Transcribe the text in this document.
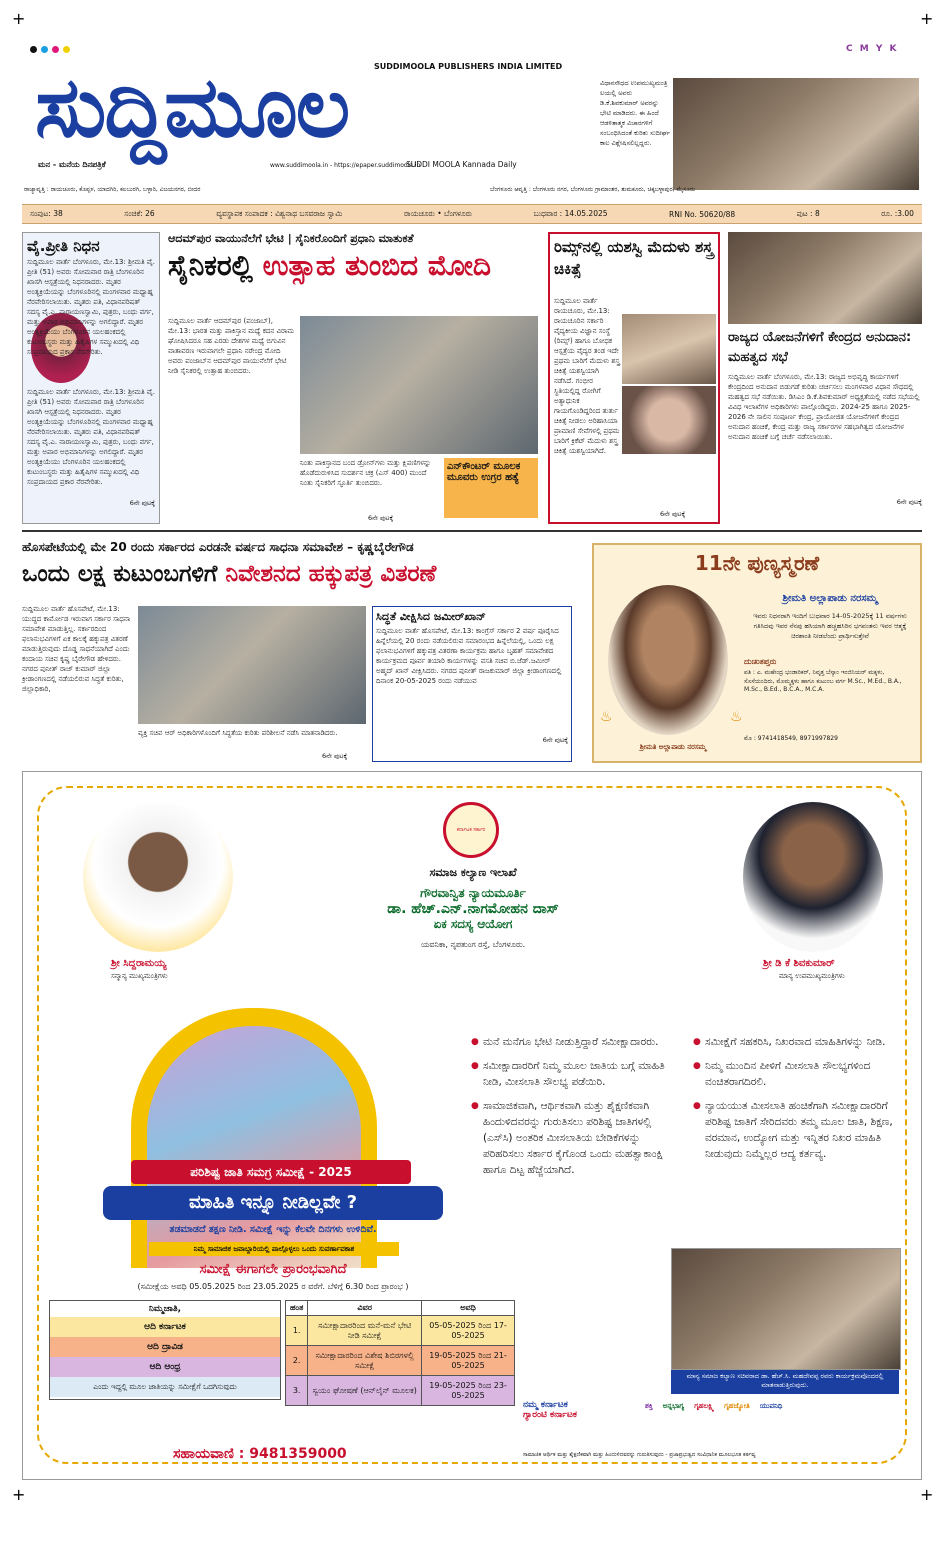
+	+
+	+
C M Y K
SUDDIMOOLA PUBLISHERS INDIA LIMITED
ಸುದ್ದಿಮೂಲ
ಮನ - ಮನೆಯ ದಿನಪತ್ರಿಕೆ	www.suddimoola.in - https://epaper.suddimoola.in
SUDDI MOOLA Kannada Daily
ವಿಧಾನಸೌಧದ ಉಪಮುಖ್ಯಮಂತ್ರಿ ಲಯಲ್ಲಿ ಅವರು ಡಿ.ಕೆ.ಶಿವಕುಮಾರ್ ಅವರನ್ನು ಭೇಟಿ ಮಾಡಿದರು. ಈ ಹಿಂದೆ ಆಡಳಿತಾತ್ಮಕ ವಿಚಾರಗಳಿಗೆ ಸಂಬಂಧಿಸಿದಂತೆ ಕುರಿತು ಸುದೀರ್ಘ ಕಾಲ ವಿಶ್ಲೇಷಿಸಲಿಲ್ಲದ್ದರು.
ರಾಜ್ಯಾವೃತ್ತಿ : ರಾಯಚೂರು, ಕೊಪ್ಪಳ, ಯಾದಗಿರಿ, ಕಲಬುರಗಿ, ಬಳ್ಳಾರಿ, ವಿಜಯನಗರ, ಬೀದರ	ಬೆಂಗಳೂರು ಆವೃತ್ತಿ : ಬೆಂಗಳೂರು ನಗರ, ಬೆಂಗಳೂರು ಗ್ರಾಮಾಂತರ, ತುಮಕೂರು, ಚಿಕ್ಕಬಳ್ಳಾಪುರ, ಮೈಸೂರು
ಸಂಪುಟ: 38	ಸಂಚಿಕೆ: 26	ವ್ಯವಸ್ಥಾಪಕ ಸಂಪಾದಕ : ವಿಶ್ವನಾಥ ಬಸವರಾಜ ಸ್ವಾಮಿ	ರಾಯಚೂರು • ಬೆಂಗಳೂರು	ಬುಧವಾರ : 14.05.2025	RNI No. 50620/88	ಪುಟ : 8	ರೂ. :3.00
ವೈ.ಪ್ರೀತಿ ನಿಧನ
ಸುದ್ದಿಮೂಲ ವಾರ್ತೆ ಬೆಂಗಳೂರು, ಮೇ.13: ಶ್ರೀಮತಿ ವೈ. ಪ್ರೀತಿ (51) ಅವರು ಸೋಮವಾರ ರಾತ್ರಿ ಬೆಂಗಳೂರಿನ ಖಾಸಗಿ ಆಸ್ಪತ್ರೆಯಲ್ಲಿ ನಿಧನರಾದರು. ಮೃತರ ಅಂತ್ಯಕ್ರಿಯೆಯನ್ನು ಬೆಂಗಳೂರಿನಲ್ಲಿ ಮಂಗಳವಾರ ಮಧ್ಯಾಹ್ನ ನೆರವೇರಿಸಲಾಯಿತು. ಮೃತರು ಪತಿ, ವಿಧಾನಪರಿಷತ್ ಸದಸ್ಯ ವೈ.ಎ. ನಾರಾಯಣಸ್ವಾಮಿ, ಪುತ್ರರು, ಬಂಧು ವರ್ಗ, ಮತ್ತು ಅಪಾರ ಅಭಿಮಾನಿಗಳನ್ನು ಅಗಲಿದ್ದಾರೆ. ಮೃತರ ಅಂತ್ಯಕ್ರಿಯೆಯು ಬೆಂಗಳೂರಿನ ಯಲಹಂಕದಲ್ಲಿ ಕುಟುಂಬಸ್ಥರು ಮತ್ತು ಹಿತೈಷಿಗಳ ಸಮ್ಮುಖದಲ್ಲಿ ವಿಧಿ ಸಂಪ್ರದಾಯದ ಪ್ರಕಾರ ನೆರವೇರಿತು.
ಸುದ್ದಿಮೂಲ ವಾರ್ತೆ ಬೆಂಗಳೂರು, ಮೇ.13: ಶ್ರೀಮತಿ ವೈ. ಪ್ರೀತಿ (51) ಅವರು ಸೋಮವಾರ ರಾತ್ರಿ ಬೆಂಗಳೂರಿನ ಖಾಸಗಿ ಆಸ್ಪತ್ರೆಯಲ್ಲಿ ನಿಧನರಾದರು. ಮೃತರ ಅಂತ್ಯಕ್ರಿಯೆಯನ್ನು ಬೆಂಗಳೂರಿನಲ್ಲಿ ಮಂಗಳವಾರ ಮಧ್ಯಾಹ್ನ ನೆರವೇರಿಸಲಾಯಿತು. ಮೃತರು ಪತಿ, ವಿಧಾನಪರಿಷತ್ ಸದಸ್ಯ ವೈ.ಎ. ನಾರಾಯಣಸ್ವಾಮಿ, ಪುತ್ರರು, ಬಂಧು ವರ್ಗ, ಮತ್ತು ಅಪಾರ ಅಭಿಮಾನಿಗಳನ್ನು ಅಗಲಿದ್ದಾರೆ. ಮೃತರ ಅಂತ್ಯಕ್ರಿಯೆಯು ಬೆಂಗಳೂರಿನ ಯಲಹಂಕದಲ್ಲಿ ಕುಟುಂಬಸ್ಥರು ಮತ್ತು ಹಿತೈಷಿಗಳ ಸಮ್ಮುಖದಲ್ಲಿ ವಿಧಿ ಸಂಪ್ರದಾಯದ ಪ್ರಕಾರ ನೆರವೇರಿತು.
6ನೇ ಪುಟಕ್ಕೆ
ಆದಮ್‌ಪುರ ವಾಯುನೆಲೆಗೆ ಭೇಟಿ | ಸೈನಿಕರೊಂದಿಗೆ ಪ್ರಧಾನಿ ಮಾತುಕತೆ
ಸೈನಿಕರಲ್ಲಿ ಉತ್ಸಾಹ ತುಂಬಿದ ಮೋದಿ
ಸುದ್ದಿಮೂಲ ವಾರ್ತೆ ಆದಮ್‌ಪುರ (ಪಂಜಾಬ್), ಮೇ.13: ಭಾರತ ಮತ್ತು ಪಾಕಿಸ್ತಾನ ಮಧ್ಯೆ ಕದನ ವಿರಾಮ ಘೋಷಿಸಿದರೂ ಸಹ ಎರಡು ದೇಶಗಳ ಮಧ್ಯೆ ಬಿಗುವಿನ ವಾತಾವರಣ ಇರುವಾಗಲೇ ಪ್ರಧಾನಿ ನರೇಂದ್ರ ಮೋದಿ ಅವರು ಪಂಜಾಬ್‌ನ ಆದಮ್‌ಪುರ ವಾಯುನೆಲೆಗೆ ಭೇಟಿ ನೀಡಿ ಸೈನಿಕರಲ್ಲಿ ಉತ್ಸಾಹ ತುಂಬಿದರು.
ನಿಂತು ಪಾಕಿಸ್ತಾನದ ಬಂದ ಡ್ರೋನ್‌ಗಳು ಮತ್ತು ಕ್ಷಿಪಣಿಗಳನ್ನು ಹೊಡೆದುರುಳಿಸಿದ ಸುದರ್ಶನ ಚಕ್ರ (ಎಸ್ 400) ಮುಂದೆ ನಿಂತು ಸೈನಿಕರಿಗೆ ಸ್ಫೂರ್ತಿ ತುಂಬಿದರು.
ಎನ್‌ಕೌಂಟರ್ ಮೂಲಕ ಮೂವರು ಉಗ್ರರ ಹತ್ಯೆ
6ನೇ ಪುಟಕ್ಕೆ
ರಿಮ್ಸ್‌ನಲ್ಲಿ ಯಶಸ್ವಿ ಮೆದುಳು ಶಸ್ತ್ರ ಚಿಕಿತ್ಸೆ
ಸುದ್ದಿಮೂಲ ವಾರ್ತೆ ರಾಯಚೂರು, ಮೇ.13: ರಾಯಚೂರಿನ ಸರ್ಕಾರಿ ವೈದ್ಯಕೀಯ ವಿಜ್ಞಾನ ಸಂಸ್ಥೆ (ರಿಮ್ಸ್) ಹಾಗೂ ಬೋಧಕ ಆಸ್ಪತ್ರೆಯ ವೈದ್ಯರ ತಂಡ ಇದೇ ಪ್ರಥಮ ಬಾರಿಗೆ ಮೆದುಳು ಶಸ್ತ್ರ ಚಿಕಿತ್ಸೆ ಯಶಸ್ವಿಯಾಗಿ ನಡೆಸಿದೆ. ಗಂಭೀರ ಸ್ಥಿತಿಯಲ್ಲಿದ್ದ ರೋಗಿಗೆ ಅತ್ಯಾಧುನಿಕ ಗಾಯಗೊಂಡಿದ್ದರಿಂದ ತುರ್ತು ಚಿಕಿತ್ಸೆ ನೀಡಲು ಅರಿಹಾಸಿಯಾ ಪ್ರಾಮಾಣಿ ಸೇವೆಗಳಲ್ಲಿ ಪ್ರಥಮ ಬಾರಿಗೆ ಕ್ರಿಕೆಟ್ ಮೆದುಳು ಶಸ್ತ್ರ ಚಿಕಿತ್ಸೆ ಯಶಸ್ವಿಯಾಗಿದೆ.
6ನೇ ಪುಟಕ್ಕೆ
ರಾಜ್ಯದ ಯೋಜನೆಗಳಿಗೆ ಕೇಂದ್ರದ ಅನುದಾನ: ಮಹತ್ವದ ಸಭೆ
ಸುದ್ದಿಮೂಲ ವಾರ್ತೆ ಬೆಂಗಳೂರು, ಮೇ.13: ರಾಜ್ಯದ ಅಭಿವೃದ್ಧಿ ಕಾರ್ಯಗಳಿಗೆ ಕೇಂದ್ರದಿಂದ ಅನುದಾನ ಬಿಡುಗಡೆ ಕುರಿತು ಚರ್ಚಿಸಲು ಮಂಗಳವಾರ ವಿಧಾನ ಸೌಧದಲ್ಲಿ ಮಹತ್ವದ ಸಭೆ ನಡೆಯಿತು. ಡಿಸಿಎಂ ಡಿ.ಕೆ.ಶಿವಕುಮಾರ್ ಅಧ್ಯಕ್ಷತೆಯಲ್ಲಿ ನಡೆದ ಸಭೆಯಲ್ಲಿ ವಿವಿಧ ಇಲಾಖೆಗಳ ಅಧಿಕಾರಿಗಳು ಪಾಲ್ಗೊಂಡಿದ್ದರು. 2024-25 ಹಾಗೂ 2025-2026 ನೇ ಸಾಲಿನ ಸಂಪೂರ್ಣ ಕೇಂದ್ರ, ಪ್ರಾಯೋಜಿತ ಯೋಜನೆಗಳಿಗೆ ಕೇಂದ್ರದ ಅನುದಾನ ಹಂಚಿಕೆ, ಕೇಂದ್ರ ಮತ್ತು ರಾಜ್ಯ ಸರ್ಕಾರಗಳ ಸಹಭಾಗಿತ್ವದ ಯೋಜನೆಗಳ ಅನುದಾನ ಹಂಚಿಕೆ ಬಗ್ಗೆ ಚರ್ಚೆ ನಡೆಸಲಾಯಿತು.
6ನೇ ಪುಟಕ್ಕೆ
ಹೊಸಪೇಟೆಯಲ್ಲಿ ಮೇ 20 ರಂದು ಸರ್ಕಾರದ ಎರಡನೇ ವರ್ಷದ ಸಾಧನಾ ಸಮಾವೇಶ – ಕೃಷ್ಣಬೈರೇಗೌಡ
ಒಂದು ಲಕ್ಷ ಕುಟುಂಬಗಳಿಗೆ ನಿವೇಶನದ ಹಕ್ಕುಪತ್ರ ವಿತರಣೆ
ಸುದ್ದಿಮೂಲ ವಾರ್ತೆ ಹೊಸಪೇಟೆ, ಮೇ.13: ಯುದ್ಧದ ಕಾರ್ಮೋಡ ಇರುವಾಗ ಸರ್ಕಾರ ಸಾಧನಾ ಸಮಾವೇಶ ಮಾಡುತ್ತಿಲ್ಲ. ಸರ್ಕಾರದಿಂದ ಫಲಾನುಭವಿಗಳಿಗೆ ಏಕ ಕಾಲಕ್ಕೆ ಹಕ್ಕುಪತ್ರ ವಿತರಣೆ ಮಾಡುತ್ತಿರುವುದು ದೊಡ್ಡ ಸಾಧನೆಯಾಗಿದೆ ಎಂದು ಕಂದಾಯ ಸಚಿವ ಕೃಷ್ಣ ಬೈರೇಗೌಡ ಹೇಳಿದರು. ನಗರದ ಪುನೀತ್ ರಾಜ್ ಕುಮಾರ್ ಜಿಲ್ಲಾ ಕ್ರೀಡಾಂಗಣದಲ್ಲಿ ನಡೆಯಲಿರುವ ಸಿದ್ಧತೆ ಕುರಿತು, ಜಿಲ್ಲಾಧಿಕಾರಿ,
ವ್ಯಕ್ತಿ ಸಚಿವ ಆರ್ ಅಧಿಕಾರಿಗಳೊಂದಿಗೆ ಸಿದ್ಧತೆಯ ಕುರಿತು ಪರಿಶೀಲನೆ ನಡೆಸಿ ಮಾತನಾಡಿದರು.
6ನೇ ಪುಟಕ್ಕೆ
ಸಿದ್ಧತೆ ವೀಕ್ಷಿಸಿದ ಜಮೀರ್‌ಖಾನ್
ಸುದ್ದಿಮೂಲ ವಾರ್ತೆ ಹೊಸಪೇಟೆ, ಮೇ.13: ಕಾಂಗ್ರೆಸ್ ಸರ್ಕಾರ 2 ವರ್ಷ ಪೂರೈಸಿದ ಹಿನ್ನೆಲೆಯಲ್ಲಿ 20 ರಂದು ನಡೆಯಲಿರುವ ಸಮಾರಂಭದ ಹಿನ್ನೆಲೆಯಲ್ಲಿ, ಒಂದು ಲಕ್ಷ ಫಲಾನುಭವಿಗಳಿಗೆ ಹಕ್ಕುಪತ್ರ ವಿತರಣಾ ಕಾರ್ಯಕ್ರಮ ಹಾಗೂ ಬೃಹತ್ ಸಮಾವೇಶದ ಕಾರ್ಯಕ್ರಮದ ಪೂರ್ವ ತಯಾರಿ ಕಾರ್ಯಗಳನ್ನು ವಸತಿ ಸಚಿವ ಬಿ.ಜೆಡ್.ಜಮೀರ್ ಅಹ್ಮದ್ ಖಾನ್ ವೀಕ್ಷಿಸಿದರು. ನಗರದ ಪುನೀತ್ ರಾಜಕುಮಾರ್ ಜಿಲ್ಲಾ ಕ್ರೀಡಾಂಗಣದಲ್ಲಿ ದಿನಾಂಕ 20-05-2025 ರಂದು ನಡೆಯುವ
6ನೇ ಪುಟಕ್ಕೆ
11ನೇ ಪುಣ್ಯಸ್ಮರಣೆ
ಶ್ರೀಮತಿ ಅಲ್ಲಾಪಾಡು ನರಸಮ್ಮ
ಶ್ರೀಮತಿ ಅಲ್ಲಾಪಾಡು ನರಸಮ್ಮ
ಇವರು ನಿಧನರಾಗಿ ಇಂದಿಗೆ ಬುಧವಾರ 14-05-2025ಕ್ಕೆ 11 ವರ್ಷಗಳು ಗತಿಸಿದವು ಇವರ ನೆನಪು ಹಸಿಯಾಗಿ ಹಚ್ಚಹಸಿರಿನ ಭಗವಂತನು ಇವರ ಆತ್ಮಕ್ಕೆ ಚಿರಶಾಂತಿ ನೀಡಲೆಂದು ಪ್ರಾರ್ಥಿಸುತ್ತೇವೆ
ದುಃಖತಪ್ತರು
ಪತಿ : ಎ. ಮಹೇಂದ್ರ ಭಂಡಾರಿಕರ್, ನಿವೃತ್ತ ಬೆಸ್ಕಾಂ ಇಂಜಿನಿಯರ್ ಮಕ್ಕಳು, ಸೊಸೆಯಂದಿರು, ಮೊಮ್ಮಕ್ಕಳು ಹಾಗೂ ಕುಟುಂಬ ವರ್ಗ M.Sc., M.Ed., B.A., M.Sc., B.Ed., B.C.A., M.C.A.
ಮೊ : 9741418549, 8971997829
♨	♨
ಶ್ರೀ ಸಿದ್ದರಾಮಯ್ಯ
ಸನ್ಮಾನ್ಯ ಮುಖ್ಯಮಂತ್ರಿಗಳು
ಕರ್ನಾಟಕ ಸರ್ಕಾರ
ಸಮಾಜ ಕಲ್ಯಾಣ ಇಲಾಖೆ
ಗೌರವಾನ್ವಿತ ನ್ಯಾಯಮೂರ್ತಿ
ಡಾ. ಹೆಚ್.ಎನ್.ನಾಗಮೋಹನ ದಾಸ್
ಏಕ ಸದಸ್ಯ ಆಯೋಗ
ಯವನಿಕಾ, ನೃಪತುಂಗ ರಸ್ತೆ, ಬೆಂಗಳೂರು.
ಶ್ರೀ ಡಿ ಕೆ ಶಿವಕುಮಾರ್
ಮಾನ್ಯ ಉಪಮುಖ್ಯಮಂತ್ರಿಗಳು
ಪರಿಶಿಷ್ಟ ಜಾತಿ ಸಮಗ್ರ ಸಮೀಕ್ಷೆ - 2025
ಮಾಹಿತಿ ಇನ್ನೂ ನೀಡಿಲ್ಲವೇ ?
ತಡಮಾಡದೆ ತಕ್ಷಣ ನೀಡಿ. ಸಮೀಕ್ಷೆ ಇನ್ನು ಕೆಲವೇ ದಿನಗಳು ಉಳಿದಿವೆ.
ನಿಮ್ಮ ಸಾಮಾಜಿಕ ಜವಾಬ್ದಾರಿಯಲ್ಲಿ ಪಾಲ್ಗೊಳ್ಳಲು ಒಂದು ಸುವರ್ಣಾವಕಾಶ
ಸಮೀಕ್ಷೆ ಈಗಾಗಲೇ ಪ್ರಾರಂಭವಾಗಿದೆ
(ಸಮೀಕ್ಷೆಯ ಅವಧಿ 05.05.2025 ರಿಂದ 23.05.2025 ರ ವರೆಗೆ. ಬೆಳಿಗ್ಗೆ 6.30 ರಿಂದ ಪ್ರಾರಂಭ )
ನಿಮ್ಮಜಾತಿ,
ಆದಿ ಕರ್ನಾಟಕ
ಆದಿ ದ್ರಾವಿಡ
ಆದಿ ಆಂಧ್ರ
ಎಂದು ಇದ್ದಲ್ಲಿ ಮೂಲ ಜಾತಿಯನ್ನು ಸಮೀಕ್ಷೆಗೆ ಒದಗಿಸುವುದು
ಹಂತ	ವಿವರ	ಅವಧಿ
1.	ಸಮೀಕ್ಷಾದಾರರಿಂದ ಮನೆ-ಮನೆ ಭೇಟಿ ನೀಡಿ ಸಮೀಕ್ಷೆ	05-05-2025 ರಿಂದ 17-05-2025
2.	ಸಮೀಕ್ಷಾದಾರರಿಂದ ವಿಶೇಷ ಶಿಬಿರಗಳಲ್ಲಿ ಸಮೀಕ್ಷೆ	19-05-2025 ರಿಂದ 21-05-2025
3.	ಸ್ವಯಂ ಘೋಷಣೆ (ಆನ್‌ಲೈನ್ ಮೂಲಕ)	19-05-2025 ರಿಂದ 23-05-2025
● ಮನೆ ಮನೆಗೂ ಭೇಟಿ ನೀಡುತ್ತಿದ್ದಾರೆ ಸಮೀಕ್ಷಾದಾರರು.
● ಸಮೀಕ್ಷಾದಾರರಿಗೆ ನಿಮ್ಮ ಮೂಲ ಜಾತಿಯ ಬಗ್ಗೆ ಮಾಹಿತಿ ನೀಡಿ, ಮೀಸಲಾತಿ ಸೌಲಭ್ಯ ಪಡೆಯಿರಿ.
● ಸಾಮಾಜಿಕವಾಗಿ, ಆರ್ಥಿಕವಾಗಿ ಮತ್ತು ಶೈಕ್ಷಣಿಕವಾಗಿ ಹಿಂದುಳಿದವರನ್ನು ಗುರುತಿಸಲು ಪರಿಶಿಷ್ಟ ಜಾತಿಗಳಲ್ಲಿ (ಎಸ್‌ಸಿ) ಅಂತರಿಕ ಮೀಸಲಾತಿಯ ಬೇಡಿಕೆಗಳನ್ನು ಪರಿಹರಿಸಲು ಸರ್ಕಾರ ಕೈಗೊಂಡ ಒಂದು ಮಹತ್ವಾಕಾಂಕ್ಷಿ ಹಾಗೂ ದಿಟ್ಟ ಹೆಜ್ಜೆಯಾಗಿದೆ.
● ಸಮೀಕ್ಷೆಗೆ ಸಹಕರಿಸಿ, ನಿಖರವಾದ ಮಾಹಿತಿಗಳನ್ನು ನೀಡಿ.
● ನಿಮ್ಮ ಮುಂದಿನ ಪೀಳಿಗೆ ಮೀಸಲಾತಿ ಸೌಲಭ್ಯಗಳಿಂದ ವಂಚಿತರಾಗದಿರಲಿ.
● ನ್ಯಾಯಯುತ ಮೀಸಲಾತಿ ಹಂಚಿಕೆಗಾಗಿ ಸಮೀಕ್ಷಾದಾರರಿಗೆ ಪರಿಶಿಷ್ಟ ಜಾತಿಗೆ ಸೇರಿದವರು ತಮ್ಮ ಮೂಲ ಜಾತಿ, ಶಿಕ್ಷಣ, ವರಮಾನ, ಉದ್ಯೋಗ ಮತ್ತು ಇನ್ನಿತರ ನಿಖರ ಮಾಹಿತಿ ನೀಡುವುದು ನಿಮ್ಮೆಲ್ಲರ ಆದ್ಯ ಕರ್ತವ್ಯ.
ಮಾನ್ಯ ಸಮಾಜ ಕಲ್ಯಾಣ ಸಚಿವರಾದ ಡಾ. ಹೆಚ್.ಸಿ. ಮಹದೇವಪ್ಪ ರವರು ಕಾರ್ಯಕ್ರಮವೊಂದರಲ್ಲಿ ಮಾತನಾಡುತ್ತಿರುವುದು.
ನಮ್ಮ ಕರ್ನಾಟಕ
ಗ್ಯಾರಂಟಿ ಕರ್ನಾಟಕ
ಶಕ್ತಿ ಅನ್ನಭಾಗ್ಯ ಗೃಹಲಕ್ಷ್ಮಿ ಗೃಹಜ್ಯೋತಿ ಯುವನಿಧಿ
ಸಹಾಯವಾಣಿ : 9481359000	ಸಾಮಾಜಿಕ ಆರ್ಥಿಕ ಮತ್ತು ಶೈಕ್ಷಣಿಕವಾಗಿ ಮತ್ತು ಹಿಂದುಳಿದವರನ್ನು ಗುರುತಿಸುವುದು - ಪ್ರಜಾಪ್ರಭುತ್ವದ ಸಂವಿಧಾನಿಕ ಮೂಲಭೂತ ಕರ್ತವ್ಯ
